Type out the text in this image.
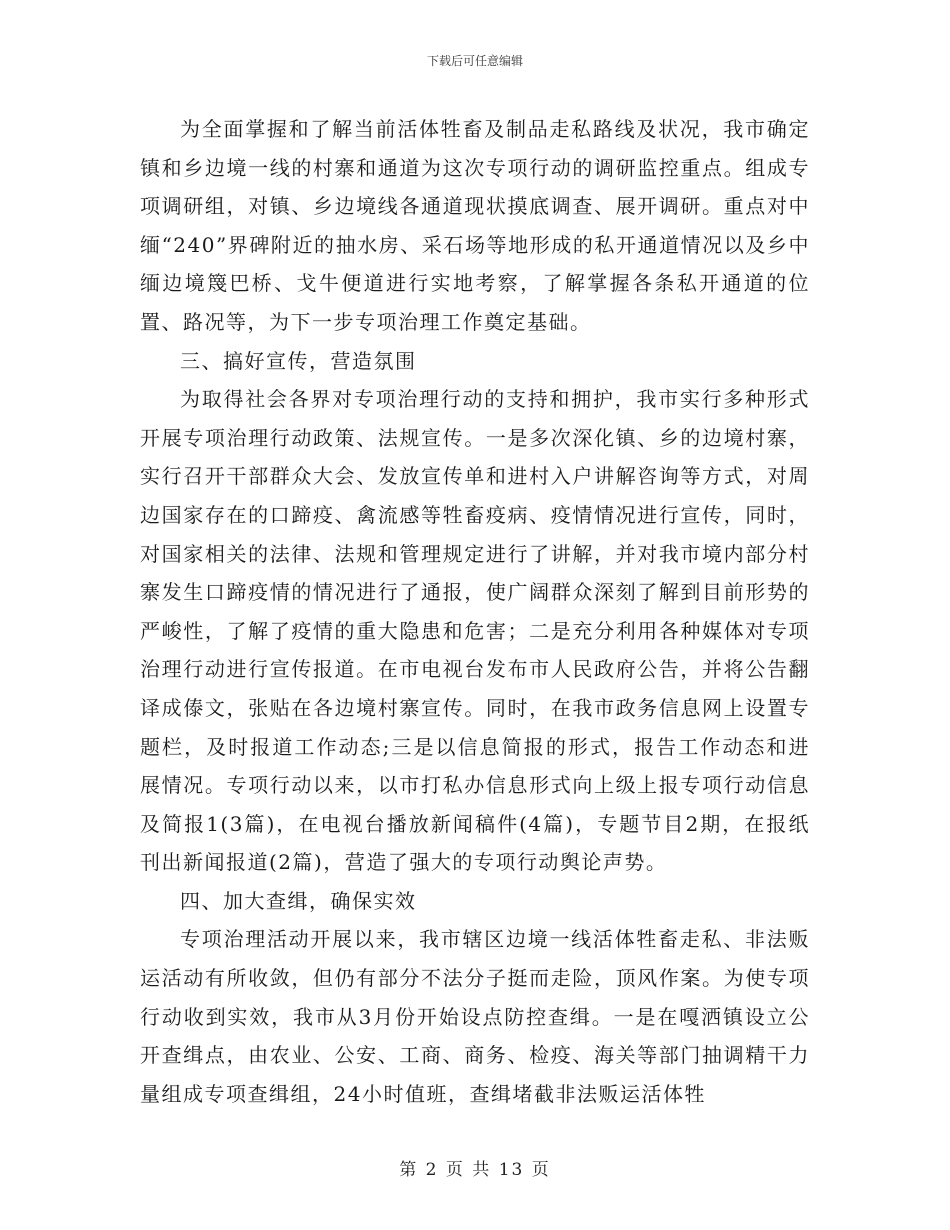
下载后可任意编辑

为全面掌握和了解当前活体牲畜及制品走私路线及状况，我市确定镇和乡边境一线的村寨和通道为这次专项行动的调研监控重点。组成专项调研组，对镇、乡边境线各通道现状摸底调查、展开调研。重点对中缅“240”界碑附近的抽水房、采石场等地形成的私开通道情况以及乡中缅边境篾巴桥、戈牛便道进行实地考察，了解掌握各条私开通道的位置、路况等，为下一步专项治理工作奠定基础。

三、搞好宣传，营造氛围

为取得社会各界对专项治理行动的支持和拥护，我市实行多种形式开展专项治理行动政策、法规宣传。一是多次深化镇、乡的边境村寨，实行召开干部群众大会、发放宣传单和进村入户讲解咨询等方式，对周边国家存在的口蹄疫、禽流感等牲畜疫病、疫情情况进行宣传，同时，对国家相关的法律、法规和管理规定进行了讲解，并对我市境内部分村寨发生口蹄疫情的情况进行了通报，使广阔群众深刻了解到目前形势的严峻性，了解了疫情的重大隐患和危害；二是充分利用各种媒体对专项治理行动进行宣传报道。在市电视台发布市人民政府公告，并将公告翻译成傣文，张贴在各边境村寨宣传。同时，在我市政务信息网上设置专题栏，及时报道工作动态;三是以信息简报的形式，报告工作动态和进展情况。专项行动以来，以市打私办信息形式向上级上报专项行动信息及简报1(3篇)，在电视台播放新闻稿件(4篇)，专题节目2期，在报纸刊出新闻报道(2篇)，营造了强大的专项行动舆论声势。

四、加大查缉，确保实效

专项治理活动开展以来，我市辖区边境一线活体牲畜走私、非法贩运活动有所收敛，但仍有部分不法分子挺而走险，顶风作案。为使专项行动收到实效，我市从3月份开始设点防控查缉。一是在嘎洒镇设立公开查缉点，由农业、公安、工商、商务、检疫、海关等部门抽调精干力量组成专项查缉组，24小时值班，查缉堵截非法贩运活体牲

第 2 页 共 13 页
